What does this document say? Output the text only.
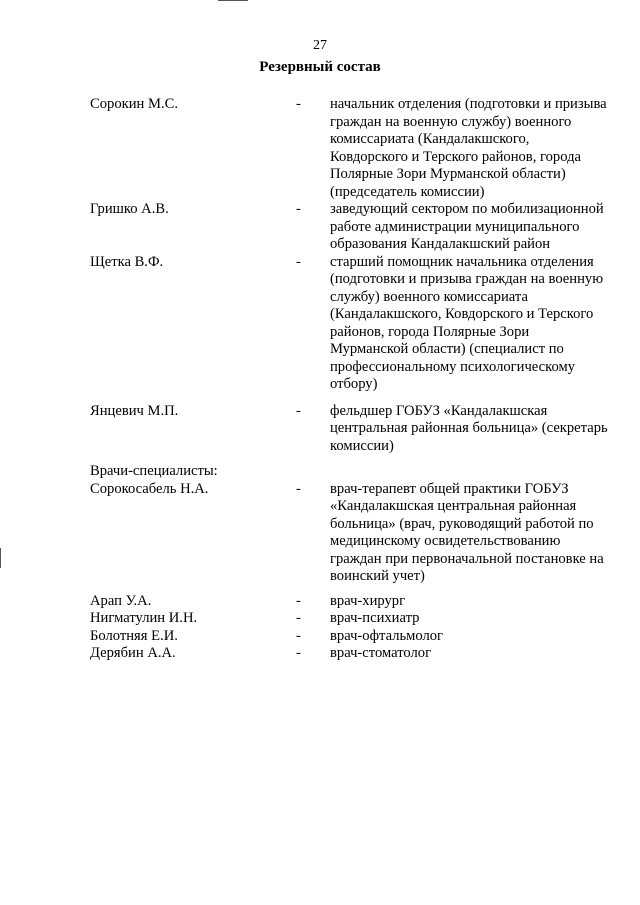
27
Резервный состав
Сорокин М.С.	-	начальник отделения (подготовки и призыва граждан на военную службу) военного комиссариата (Кандалакшского, Ковдорского и Терского районов, города Полярные Зори Мурманской области) (председатель комиссии)
Гришко А.В.	-	заведующий сектором по мобилизационной работе администрации муниципального образования Кандалакшский район
Щетка В.Ф.	-	старший помощник начальника отделения (подготовки и призыва граждан на военную службу) военного комиссариата (Кандалакшского, Ковдорского и Терского районов, города Полярные Зори Мурманской области) (специалист по профессиональному психологическому отбору)
Янцевич М.П.	-	фельдшер ГОБУЗ «Кандалакшская центральная районная больница» (секретарь комиссии)
Врачи-специалисты:
Сорокосабель Н.А.	-	врач-терапевт общей практики ГОБУЗ «Кандалакшская центральная районная больница» (врач, руководящий работой по медицинскому освидетельствованию граждан при первоначальной постановке на воинский учет)
Арап У.А.	-	врач-хирург
Нигматулин И.Н.	-	врач-психиатр
Болотняя Е.И.	-	врач-офтальмолог
Дерябин А.А.	-	врач-стоматолог
